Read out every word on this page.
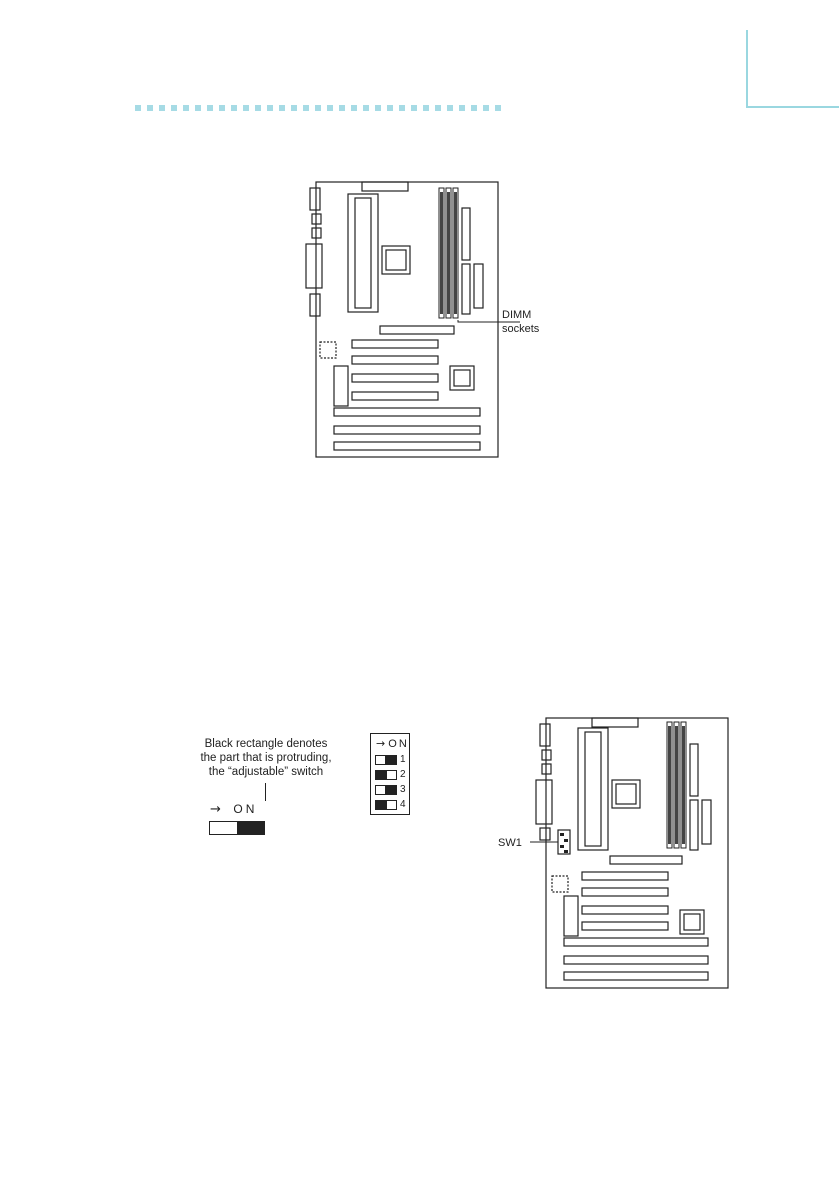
DIMM
sockets
Black rectangle denotes
the part that is protruding,
the “adjustable” switch
→ ON
→ ON
1
2
3
4
SW1
